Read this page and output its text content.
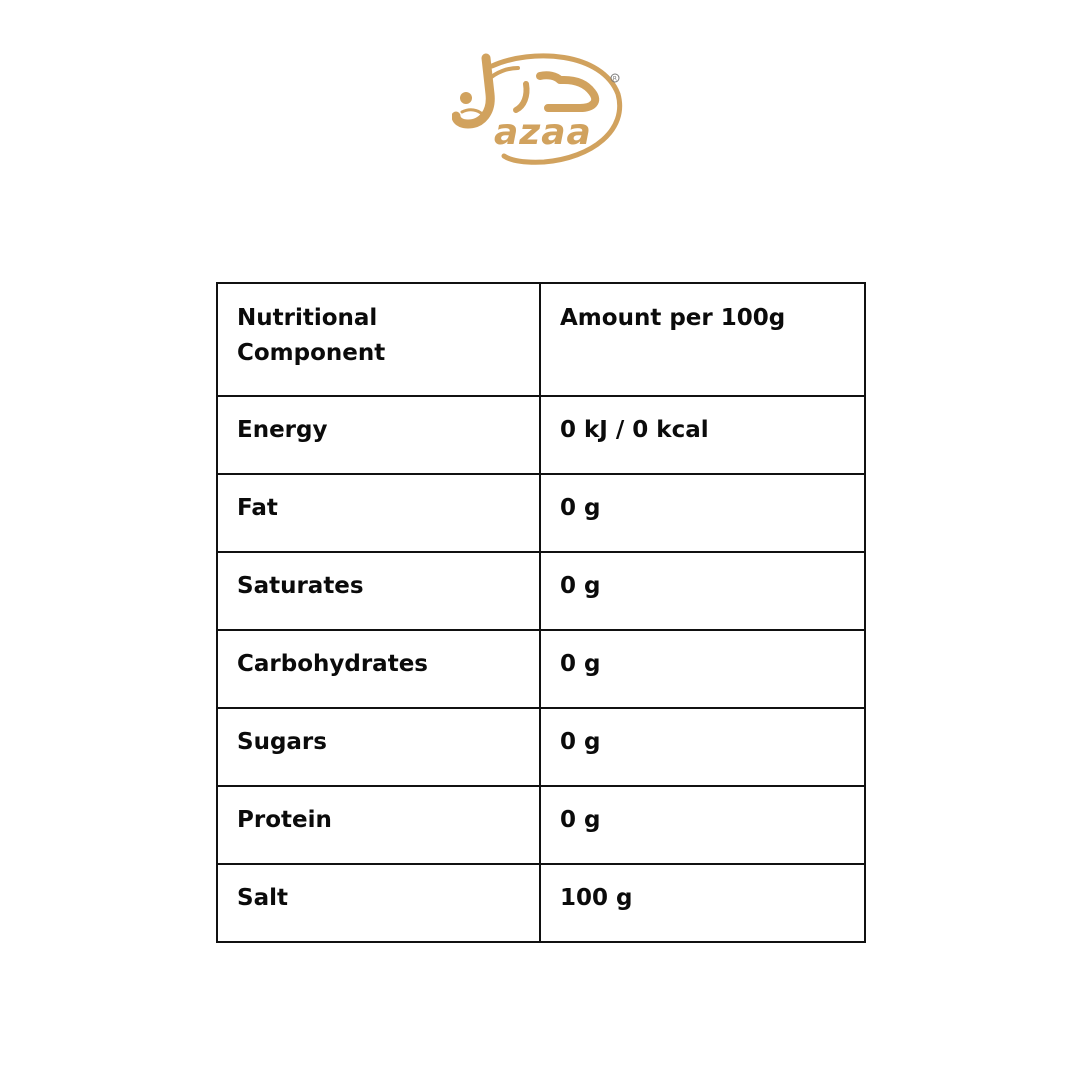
azaa
R
Nutritional Component	Amount per 100g
Energy	0 kJ / 0 kcal
Fat	0 g
Saturates	0 g
Carbohydrates	0 g
Sugars	0 g
Protein	0 g
Salt	100 g
